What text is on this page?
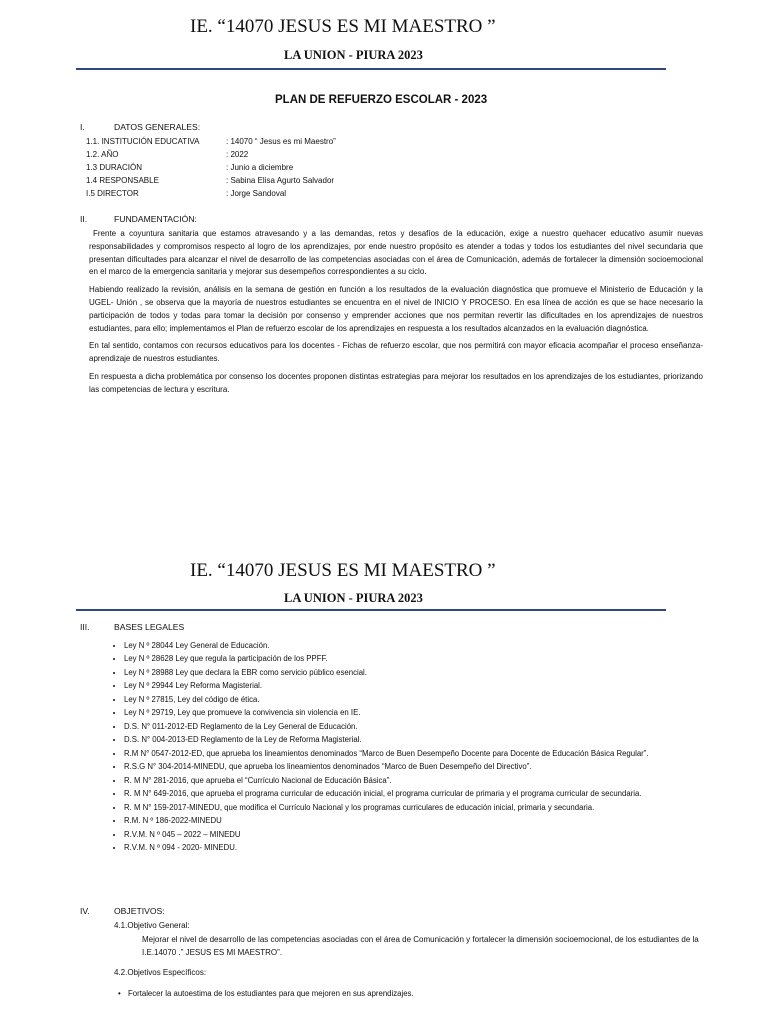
IE. “14070 JESUS ES MI MAESTRO ”
LA UNION - PIURA 2023
PLAN DE REFUERZO ESCOLAR - 2023
I.	DATOS GENERALES:
1.1. INSTITUCIÓN EDUCATIVA	: 14070 “ Jesus es mi Maestro”
1.2. AÑO	: 2022
1.3 DURACIÓN	: Junio a diciembre
1.4 RESPONSABLE	: Sabina Elisa Agurto Salvador
I.5 DIRECTOR	: Jorge Sandoval
II.	FUNDAMENTACIÓN:

Frente a coyuntura sanitaria que estamos atravesando y a las demandas, retos y desafíos de la educación, exige a nuestro quehacer educativo asumir nuevas responsabilidades y compromisos respecto al logro de los aprendizajes, por ende nuestro propósito es atender a todas y todos los estudiantes del nivel secundaria que presentan dificultades para alcanzar el nivel de desarrollo de las competencias asociadas con el área de Comunicación, además de fortalecer la dimensión socioemocional en el marco de la emergencia sanitaria y mejorar sus desempeños correspondientes a su ciclo.

Habiendo realizado la revisión, análisis en la semana de gestión en función a los resultados de la evaluación diagnóstica que promueve el Ministerio de Educación y la UGEL- Unión , se observa que la mayoría de nuestros estudiantes se encuentra en el nivel de INICIO Y PROCESO. En esa línea de acción es que se hace necesario la participación de todos y todas para tomar la decisión por consenso y emprender acciones que nos permitan revertir las dificultades en los aprendizajes de nuestros estudiantes, para ello; implementamos el Plan de refuerzo escolar de los aprendizajes en respuesta a los resultados alcanzados en la evaluación diagnóstica.

En tal sentido, contamos con recursos educativos para los docentes - Fichas de refuerzo escolar, que nos permitirá con mayor eficacia acompañar el proceso enseñanza-aprendizaje de nuestros estudiantes.

En respuesta a dicha problemática por consenso los docentes proponen distintas estrategias para mejorar los resultados en los aprendizajes de los estudiantes, priorizando las competencias de lectura y escritura.

IE. “14070 JESUS ES MI MAESTRO ”
LA UNION - PIURA 2023
III.	BASES LEGALES
• Ley N º 28044 Ley General de Educación.
• Ley N º 28628 Ley que regula la participación de los PPFF.
• Ley N º 28988 Ley que declara la EBR como servicio público esencial.
• Ley N º 29944 Ley Reforma Magisterial.
• Ley N º 27815, Ley del código de ética.
• Ley N º 29719, Ley que promueve la convivencia sin violencia en IE.
• D.S. N° 011-2012-ED Reglamento de la Ley General de Educación.
• D.S. N° 004-2013-ED Reglamento de la Ley de Reforma Magisterial.
• R.M N° 0547-2012-ED, que aprueba los lineamientos denominados “Marco de Buen Desempeño Docente para Docente de Educación Básica Regular”.
• R.S.G N° 304-2014-MINEDU, que aprueba los lineamientos denominados “Marco de Buen Desempeño del Directivo”.
• R. M N° 281-2016, que aprueba el “Currículo Nacional de Educación Básica”.
• R. M N° 649-2016, que aprueba el programa curricular de educación inicial, el programa curricular de primaria y el programa curricular de secundaria.
• R. M N° 159-2017-MINEDU, que modifica el Currículo Nacional y los programas curriculares de educación inicial, primaria y secundaria.
• R.M. N º 186-2022-MINEDU
• R.V.M. N º 045 – 2022 – MINEDU
• R.V.M. N º 094 - 2020- MINEDU.
IV.	OBJETIVOS:
4.1.Objetivo General:
Mejorar el nivel de desarrollo de las competencias asociadas con el área de Comunicación y fortalecer la dimensión socioemocional, de los estudiantes de la I.E.14070 .” JESUS ES MI MAESTRO”.
4.2.Objetivos Específicos:
• Fortalecer la autoestima de los estudiantes para que mejoren en sus aprendizajes.
